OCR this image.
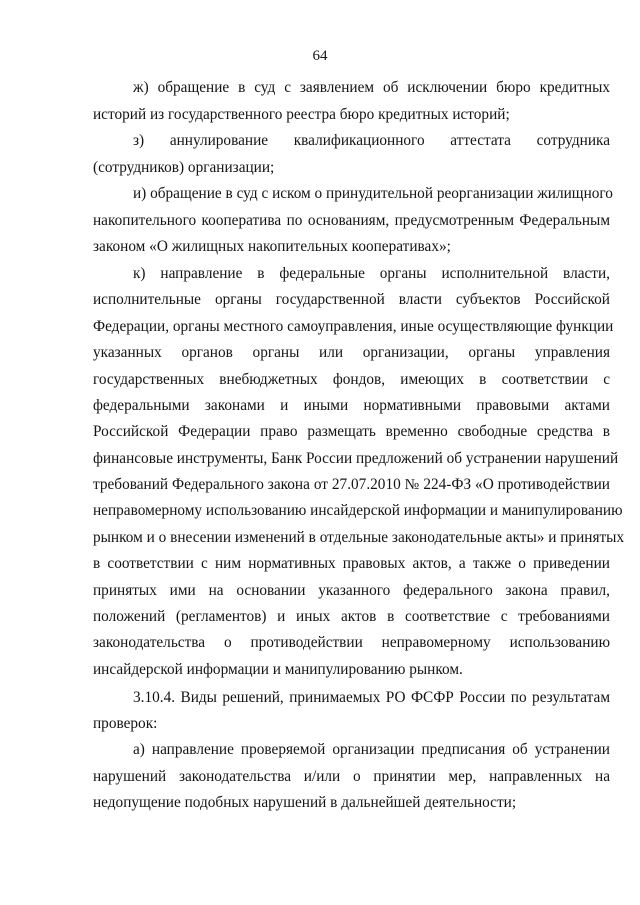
64
ж) обращение в суд с заявлением об исключении бюро кредитных
историй из государственного реестра бюро кредитных историй;
з) аннулирование квалификационного аттестата сотрудника
(сотрудников) организации;
и) обращение в суд с иском о принудительной реорганизации жилищного
накопительного кооператива по основаниям, предусмотренным Федеральным
законом «О жилищных накопительных кооперативах»;
к) направление в федеральные органы исполнительной власти,
исполнительные органы государственной власти субъектов Российской
Федерации, органы местного самоуправления, иные осуществляющие функции
указанных органов органы или организации, органы управления
государственных внебюджетных фондов, имеющих в соответствии с
федеральными законами и иными нормативными правовыми актами
Российской Федерации право размещать временно свободные средства в
финансовые инструменты, Банк России предложений об устранении нарушений
требований Федерального закона от 27.07.2010 № 224-ФЗ «О противодействии
неправомерному использованию инсайдерской информации и манипулированию
рынком и о внесении изменений в отдельные законодательные акты» и принятых
в соответствии с ним нормативных правовых актов, а также о приведении
принятых ими на основании указанного федерального закона правил,
положений (регламентов) и иных актов в соответствие с требованиями
законодательства о противодействии неправомерному использованию
инсайдерской информации и манипулированию рынком.
3.10.4. Виды решений, принимаемых РО ФСФР России по результатам
проверок:
а) направление проверяемой организации предписания об устранении
нарушений законодательства и/или о принятии мер, направленных на
недопущение подобных нарушений в дальнейшей деятельности;
